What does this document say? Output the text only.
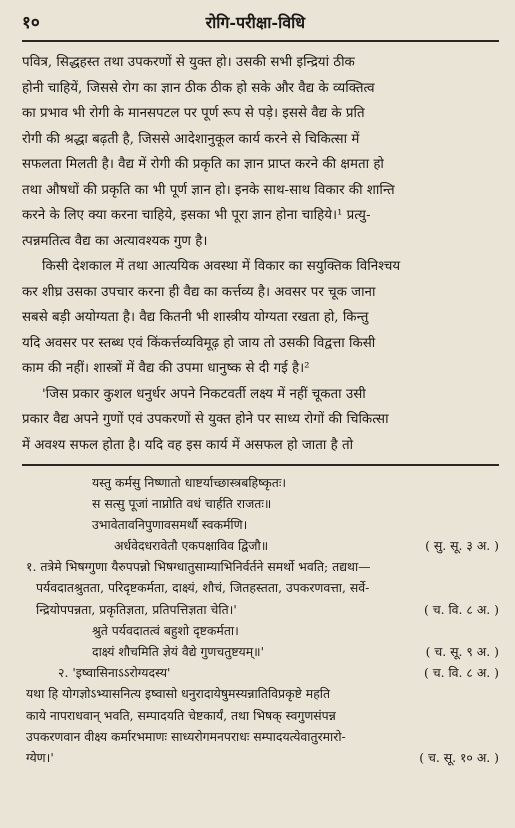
१०	रोगि-परीक्षा-विधि
पवित्र, सिद्धहस्त तथा उपकरणों से युक्त हो। उसकी सभी इन्द्रियां ठीक
होनी चाहियें, जिससे रोग का ज्ञान ठीक ठीक हो सके और वैद्य के व्यक्तित्व
का प्रभाव भी रोगी के मानसपटल पर पूर्ण रूप से पड़े। इससे वैद्य के प्रति
रोगी की श्रद्धा बढ़ती है, जिससे आदेशानुकूल कार्य करने से चिकित्सा में
सफलता मिलती है। वैद्य में रोगी की प्रकृति का ज्ञान प्राप्त करने की क्षमता हो
तथा औषधों की प्रकृति का भी पूर्ण ज्ञान हो। इनके साथ-साथ विकार की शान्ति
करने के लिए क्या करना चाहिये, इसका भी पूरा ज्ञान होना चाहिये।¹ प्रत्यु-
त्पन्नमतित्व वैद्य का अत्यावश्यक गुण है।
किसी देशकाल में तथा आत्ययिक अवस्था में विकार का सयुक्तिक विनिश्चय
कर शीघ्र उसका उपचार करना ही वैद्य का कर्त्तव्य है। अवसर पर चूक जाना
सबसे बड़ी अयोग्यता है। वैद्य कितनी भी शास्त्रीय योग्यता रखता हो, किन्तु
यदि अवसर पर स्तब्ध एवं किंकर्त्तव्यविमूढ़ हो जाय तो उसकी विद्वत्ता किसी
काम की नहीं। शास्त्रों में वैद्य की उपमा धानुष्क से दी गई है।²
'जिस प्रकार कुशल धनुर्धर अपने निकटवर्ती लक्ष्य में नहीं चूकता उसी
प्रकार वैद्य अपने गुणों एवं उपकरणों से युक्त होने पर साध्य रोगों की चिकित्सा
में अवश्य सफल होता है। यदि वह इस कार्य में असफल हो जाता है तो
यस्तु कर्मसु निष्णातो धाष्टर्याच्छास्त्रबहिष्कृतः।
स सत्सु पूजां नाप्नोति वधं चार्हति राजतः॥
उभावेतावनिपुणावसमर्थौ स्वकर्मणि।
अर्धवेदधरावेतौ एकपक्षाविव द्विजौ॥	( सु. सू. ३ अ. )
१. तत्रेमे भिषग्गुणा यैरुपपन्नो भिषग्धातुसाम्याभिनिर्वर्तने समर्थो भवति; तद्यथा—
पर्यवदातश्रुतता, परिदृष्टकर्मता, दाक्ष्यं, शौचं, जितहस्तता, उपकरणवत्ता, सर्वे-
न्द्रियोपपन्नता, प्रकृतिज्ञता, प्रतिपत्तिज्ञता चेति।'	( च. वि. ८ अ. )
श्रुते पर्यवदातत्वं बहुशो दृष्टकर्मता।
दाक्ष्यं शौचमिति ज्ञेयं वैद्ये गुणचतुष्टयम्॥'	( च. सू. ९ अ. )
२. 'इष्वासिनाऽऽरोग्यदस्य'	( च. वि. ८ अ. )
यथा हि योगज्ञोऽभ्यासनित्य इष्वासो धनुरादायेषुमस्यन्नातिविप्रकृष्टे महति
काये नापराधवान् भवति, सम्पादयति चेष्टकार्यं, तथा भिषक् स्वगुणसंपन्न
उपकरणवान वीक्ष्य कर्मारभमाणः साध्यरोगमनपराधः सम्पादयत्येवातुरमारो-
ग्येण।'	( च. सू. १० अ. )
